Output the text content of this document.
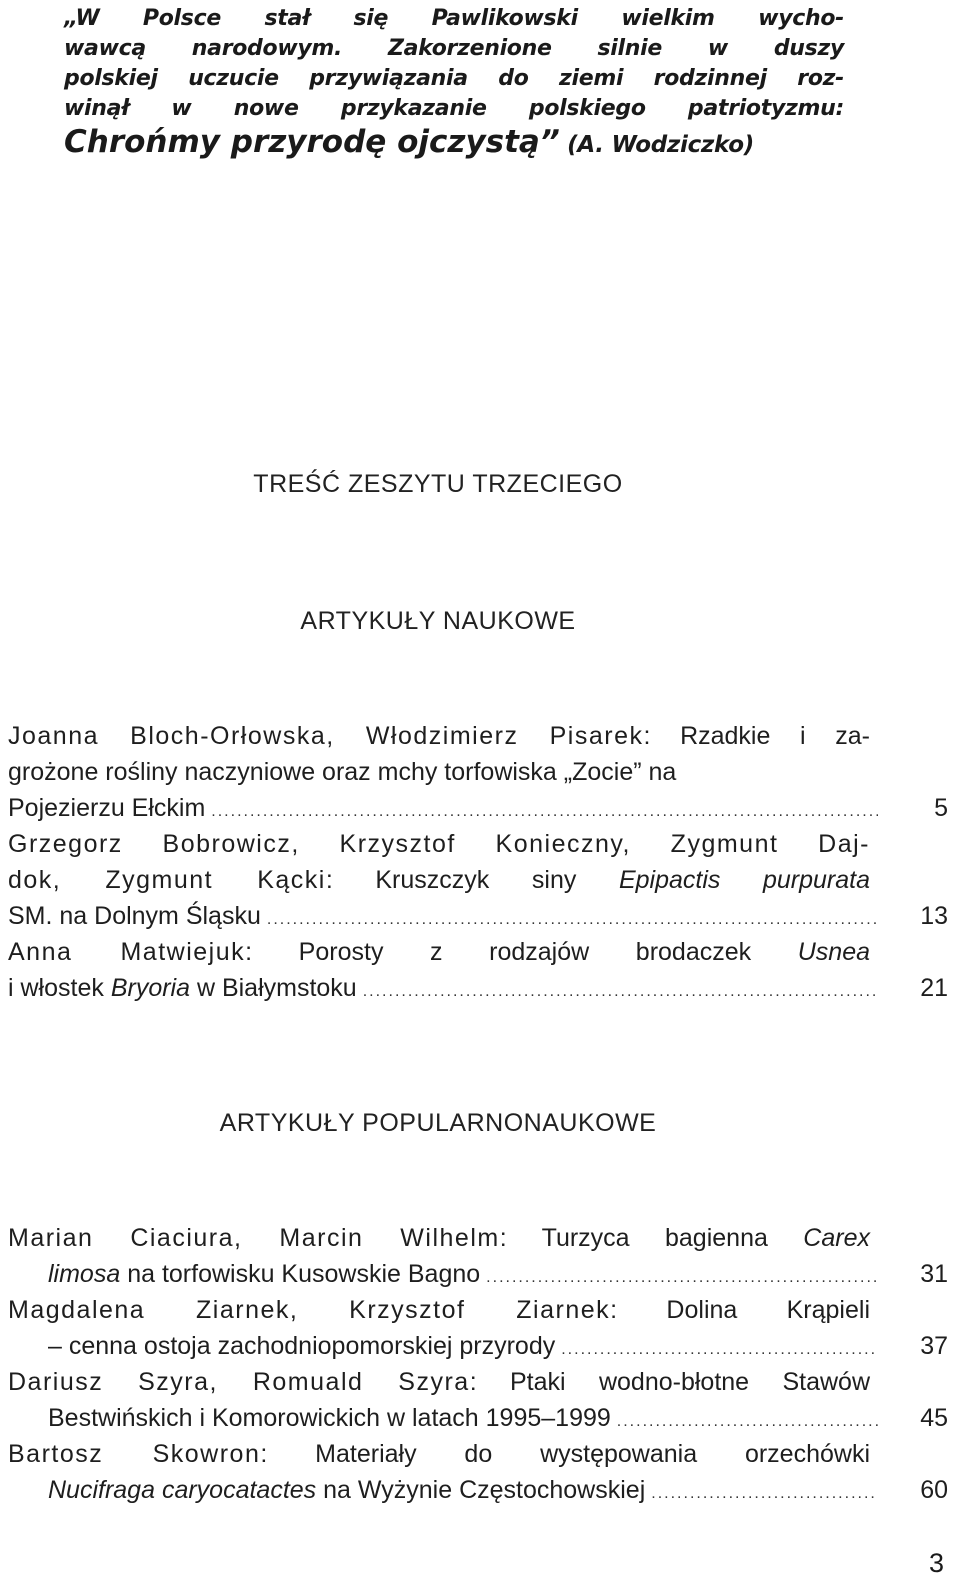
„W Polsce stał się Pawlikowski wielkim wycho-
wawcą narodowym. Zakorzenione silnie w duszy
polskiej uczucie przywiązania do ziemi rodzinnej roz-
winął w nowe przykazanie polskiego patriotyzmu:
Chrońmy przyrodę ojczystą” (A. Wodziczko)
TREŚĆ ZESZYTU TRZECIEGO
ARTYKUŁY NAUKOWE
Joanna Bloch-Orłowska, Włodzimierz Pisarek: Rzadkie i za-
grożone rośliny naczyniowe oraz mchy torfowiska „Zocie” na
Pojezierzu Ełckim .....	5
Grzegorz Bobrowicz, Krzysztof Konieczny, Zygmunt Daj-
dok, Zygmunt Kącki: Kruszczyk siny Epipactis purpurata
SM. na Dolnym Śląsku .....	13
Anna Matwiejuk: Porosty z rodzajów brodaczek Usnea
i włostek Bryoria w Białymstoku .....	21
ARTYKUŁY POPULARNONAUKOWE
Marian Ciaciura, Marcin Wilhelm: Turzyca bagienna Carex
limosa na torfowisku Kusowskie Bagno .....	31
Magdalena Ziarnek, Krzysztof Ziarnek: Dolina Krąpieli
– cenna ostoja zachodniopomorskiej przyrody .....	37
Dariusz Szyra, Romuald Szyra: Ptaki wodno-błotne Stawów
Bestwińskich i Komorowickich w latach 1995–1999 .....	45
Bartosz Skowron: Materiały do występowania orzechówki
Nucifraga caryocatactes na Wyżynie Częstochowskiej .....	60
3
